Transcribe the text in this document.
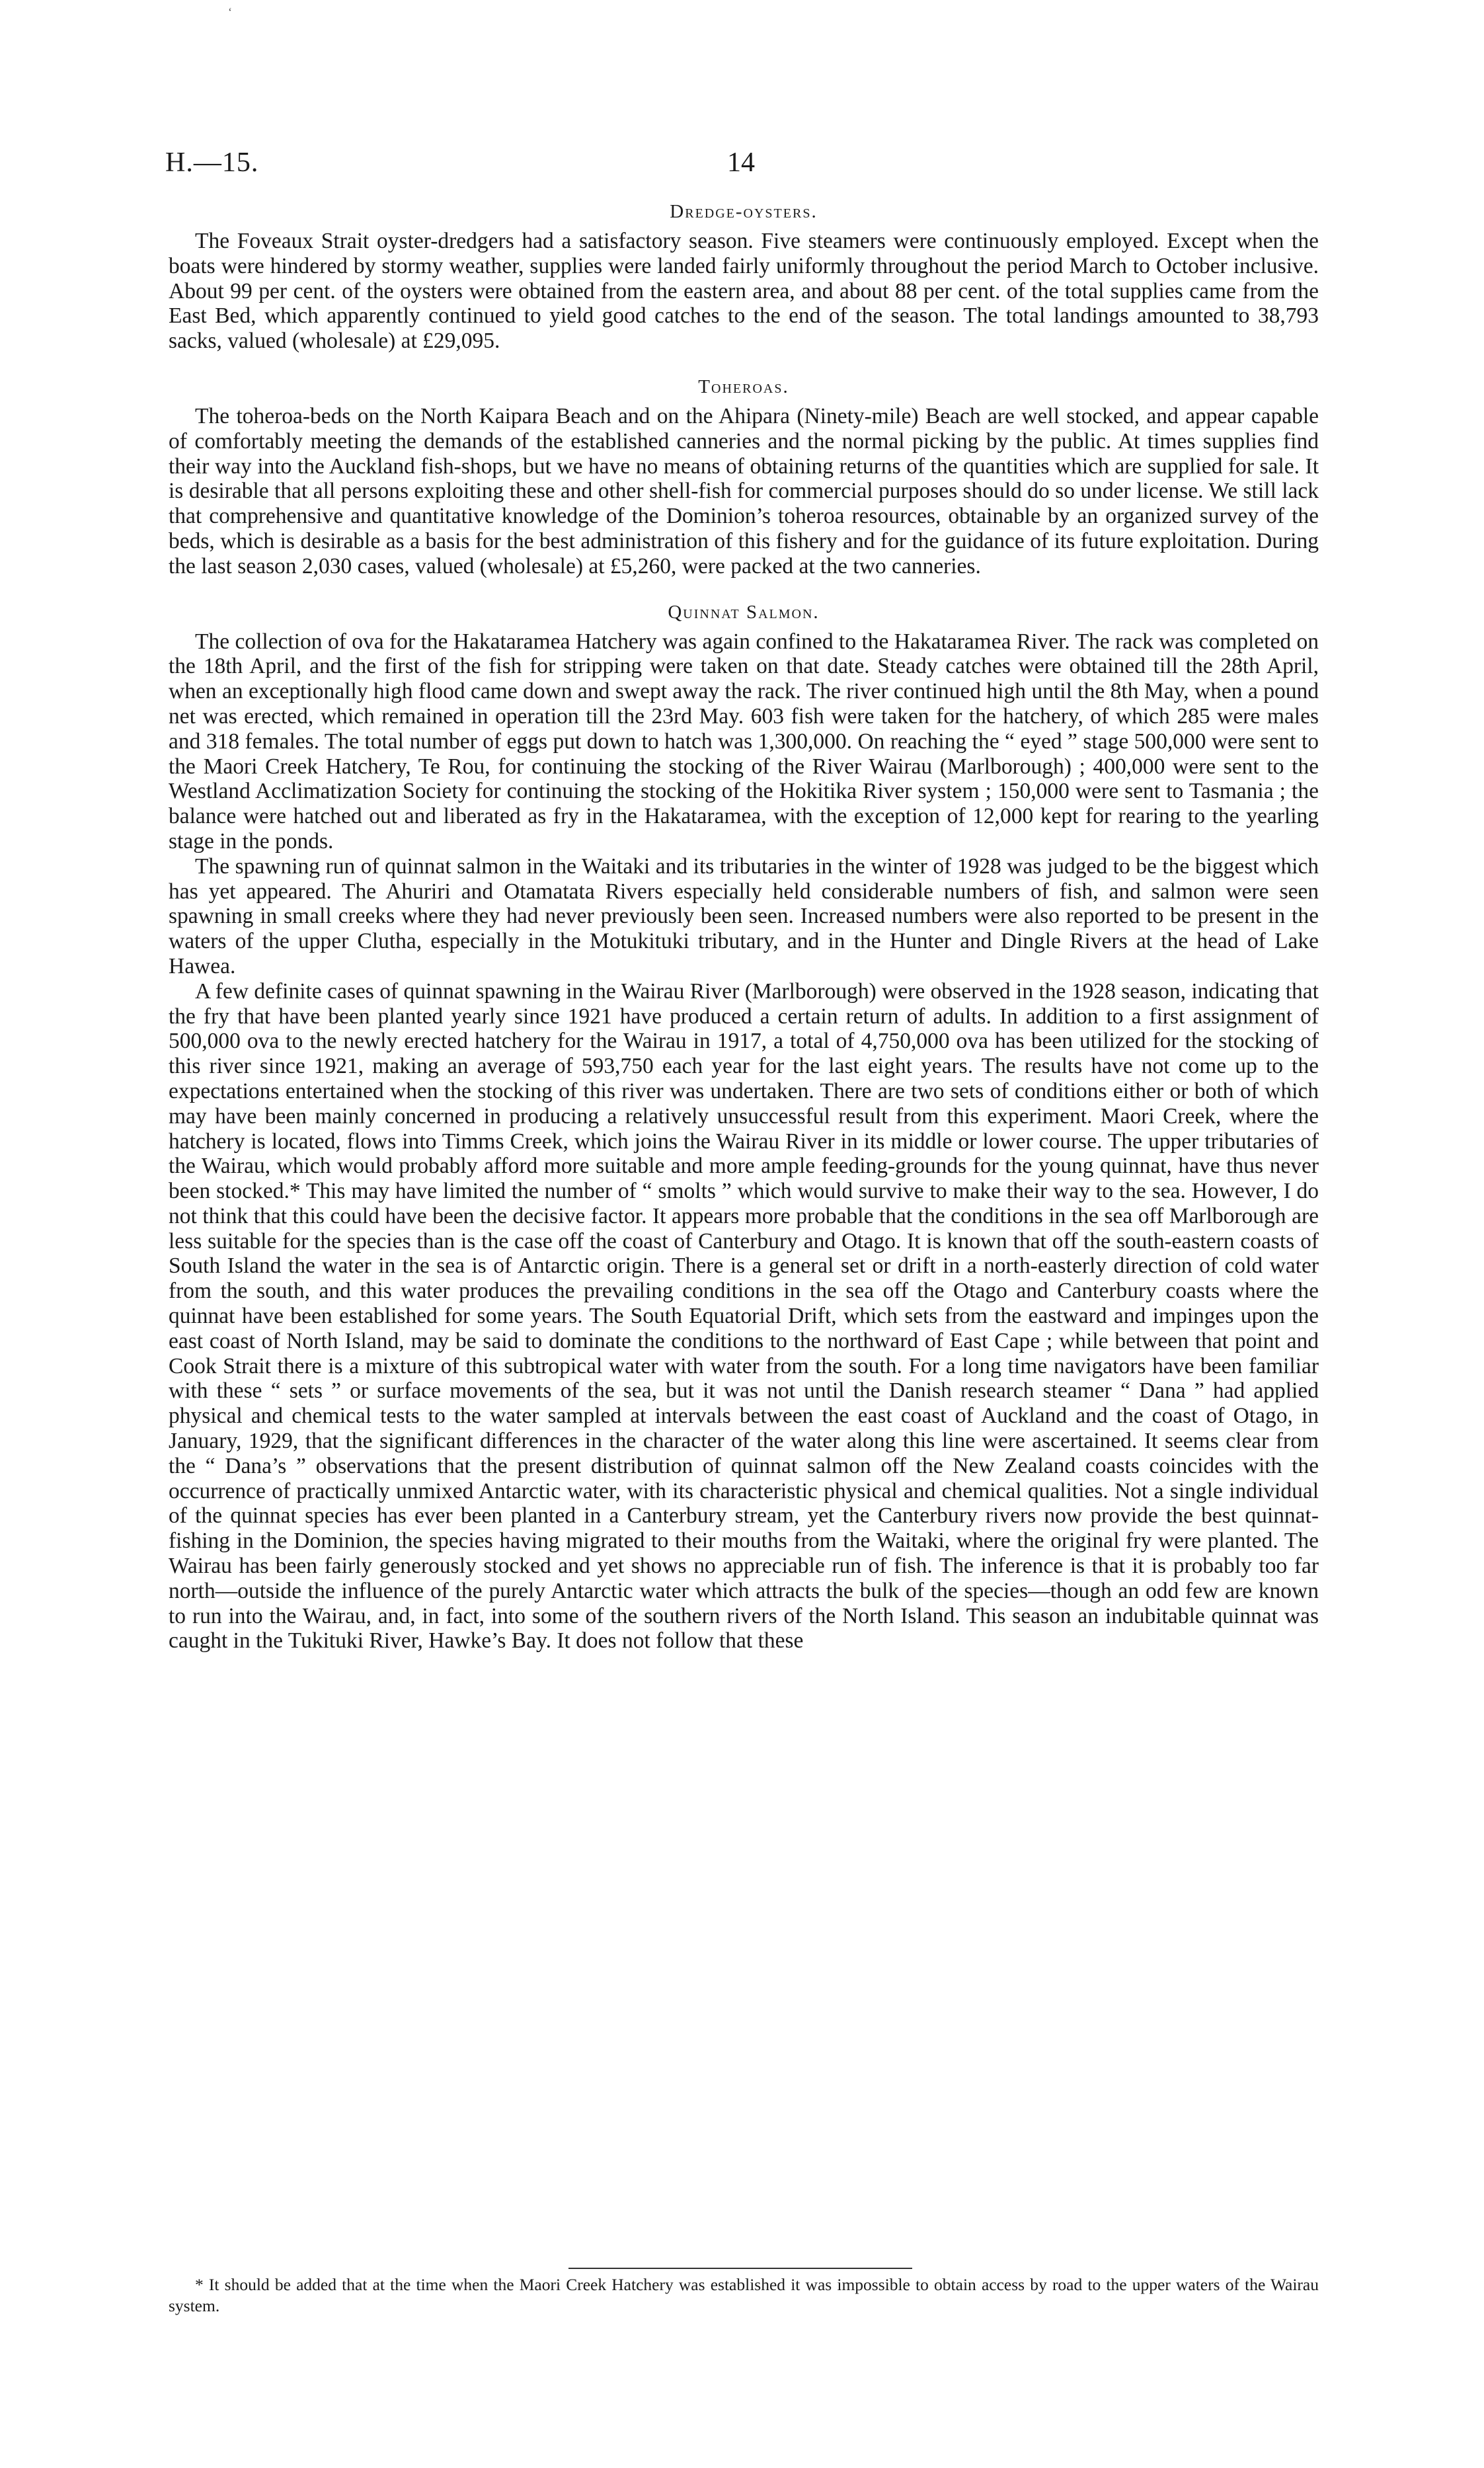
ʻ
H.—15.	14
Dredge-oysters.

The Foveaux Strait oyster-dredgers had a satisfactory season. Five steamers were continuously employed. Except when the boats were hindered by stormy weather, supplies were landed fairly uniformly throughout the period March to October inclusive. About 99 per cent. of the oysters were obtained from the eastern area, and about 88 per cent. of the total supplies came from the East Bed, which apparently continued to yield good catches to the end of the season. The total landings amounted to 38,793 sacks, valued (wholesale) at £29,095.

Toheroas.

The toheroa-beds on the North Kaipara Beach and on the Ahipara (Ninety-mile) Beach are well stocked, and appear capable of comfortably meeting the demands of the established canneries and the normal picking by the public. At times supplies find their way into the Auckland fish-shops, but we have no means of obtaining returns of the quantities which are supplied for sale. It is desirable that all persons exploiting these and other shell-fish for commercial purposes should do so under license. We still lack that comprehensive and quantitative knowledge of the Dominion’s toheroa resources, obtainable by an organized survey of the beds, which is desirable as a basis for the best administration of this fishery and for the guidance of its future exploitation. During the last season 2,030 cases, valued (wholesale) at £5,260, were packed at the two canneries.

Quinnat Salmon.

The collection of ova for the Hakataramea Hatchery was again confined to the Hakataramea River. The rack was completed on the 18th April, and the first of the fish for stripping were taken on that date. Steady catches were obtained till the 28th April, when an exceptionally high flood came down and swept away the rack. The river continued high until the 8th May, when a pound net was erected, which remained in operation till the 23rd May. 603 fish were taken for the hatchery, of which 285 were males and 318 females. The total number of eggs put down to hatch was 1,300,000. On reaching the “ eyed ” stage 500,000 were sent to the Maori Creek Hatchery, Te Rou, for continuing the stocking of the River Wairau (Marlborough) ; 400,000 were sent to the Westland Acclimatization Society for continuing the stocking of the Hokitika River system ; 150,000 were sent to Tasmania ; the balance were hatched out and liberated as fry in the Hakataramea, with the exception of 12,000 kept for rearing to the yearling stage in the ponds.

The spawning run of quinnat salmon in the Waitaki and its tributaries in the winter of 1928 was judged to be the biggest which has yet appeared. The Ahuriri and Otamatata Rivers especially held considerable numbers of fish, and salmon were seen spawning in small creeks where they had never previously been seen. Increased numbers were also reported to be present in the waters of the upper Clutha, especially in the Motukituki tributary, and in the Hunter and Dingle Rivers at the head of Lake Hawea.

A few definite cases of quinnat spawning in the Wairau River (Marlborough) were observed in the 1928 season, indicating that the fry that have been planted yearly since 1921 have produced a certain return of adults. In addition to a first assignment of 500,000 ova to the newly erected hatchery for the Wairau in 1917, a total of 4,750,000 ova has been utilized for the stocking of this river since 1921, making an average of 593,750 each year for the last eight years. The results have not come up to the expectations entertained when the stocking of this river was undertaken. There are two sets of conditions either or both of which may have been mainly concerned in producing a relatively unsuccessful result from this experiment. Maori Creek, where the hatchery is located, flows into Timms Creek, which joins the Wairau River in its middle or lower course. The upper tributaries of the Wairau, which would probably afford more suitable and more ample feeding-grounds for the young quinnat, have thus never been stocked.* This may have limited the number of “ smolts ” which would survive to make their way to the sea. However, I do not think that this could have been the decisive factor. It appears more probable that the conditions in the sea off Marlborough are less suitable for the species than is the case off the coast of Canterbury and Otago. It is known that off the south-eastern coasts of South Island the water in the sea is of Antarctic origin. There is a general set or drift in a north-easterly direction of cold water from the south, and this water produces the prevailing conditions in the sea off the Otago and Canterbury coasts where the quinnat have been established for some years. The South Equatorial Drift, which sets from the eastward and impinges upon the east coast of North Island, may be said to dominate the conditions to the northward of East Cape ; while between that point and Cook Strait there is a mixture of this subtropical water with water from the south. For a long time navigators have been familiar with these “ sets ” or surface movements of the sea, but it was not until the Danish research steamer “ Dana ” had applied physical and chemical tests to the water sampled at intervals between the east coast of Auckland and the coast of Otago, in January, 1929, that the significant differences in the character of the water along this line were ascertained. It seems clear from the “ Dana’s ” observations that the present distribution of quinnat salmon off the New Zealand coasts coincides with the occurrence of practically unmixed Antarctic water, with its characteristic physical and chemical qualities. Not a single individual of the quinnat species has ever been planted in a Canterbury stream, yet the Canterbury rivers now provide the best quinnat-fishing in the Dominion, the species having migrated to their mouths from the Waitaki, where the original fry were planted. The Wairau has been fairly generously stocked and yet shows no appreciable run of fish. The inference is that it is probably too far north—outside the influence of the purely Antarctic water which attracts the bulk of the species—though an odd few are known to run into the Wairau, and, in fact, into some of the southern rivers of the North Island. This season an indubitable quinnat was caught in the Tukituki River, Hawke’s Bay. It does not follow that these

* It should be added that at the time when the Maori Creek Hatchery was established it was impossible to obtain access by road to the upper waters of the Wairau system.
